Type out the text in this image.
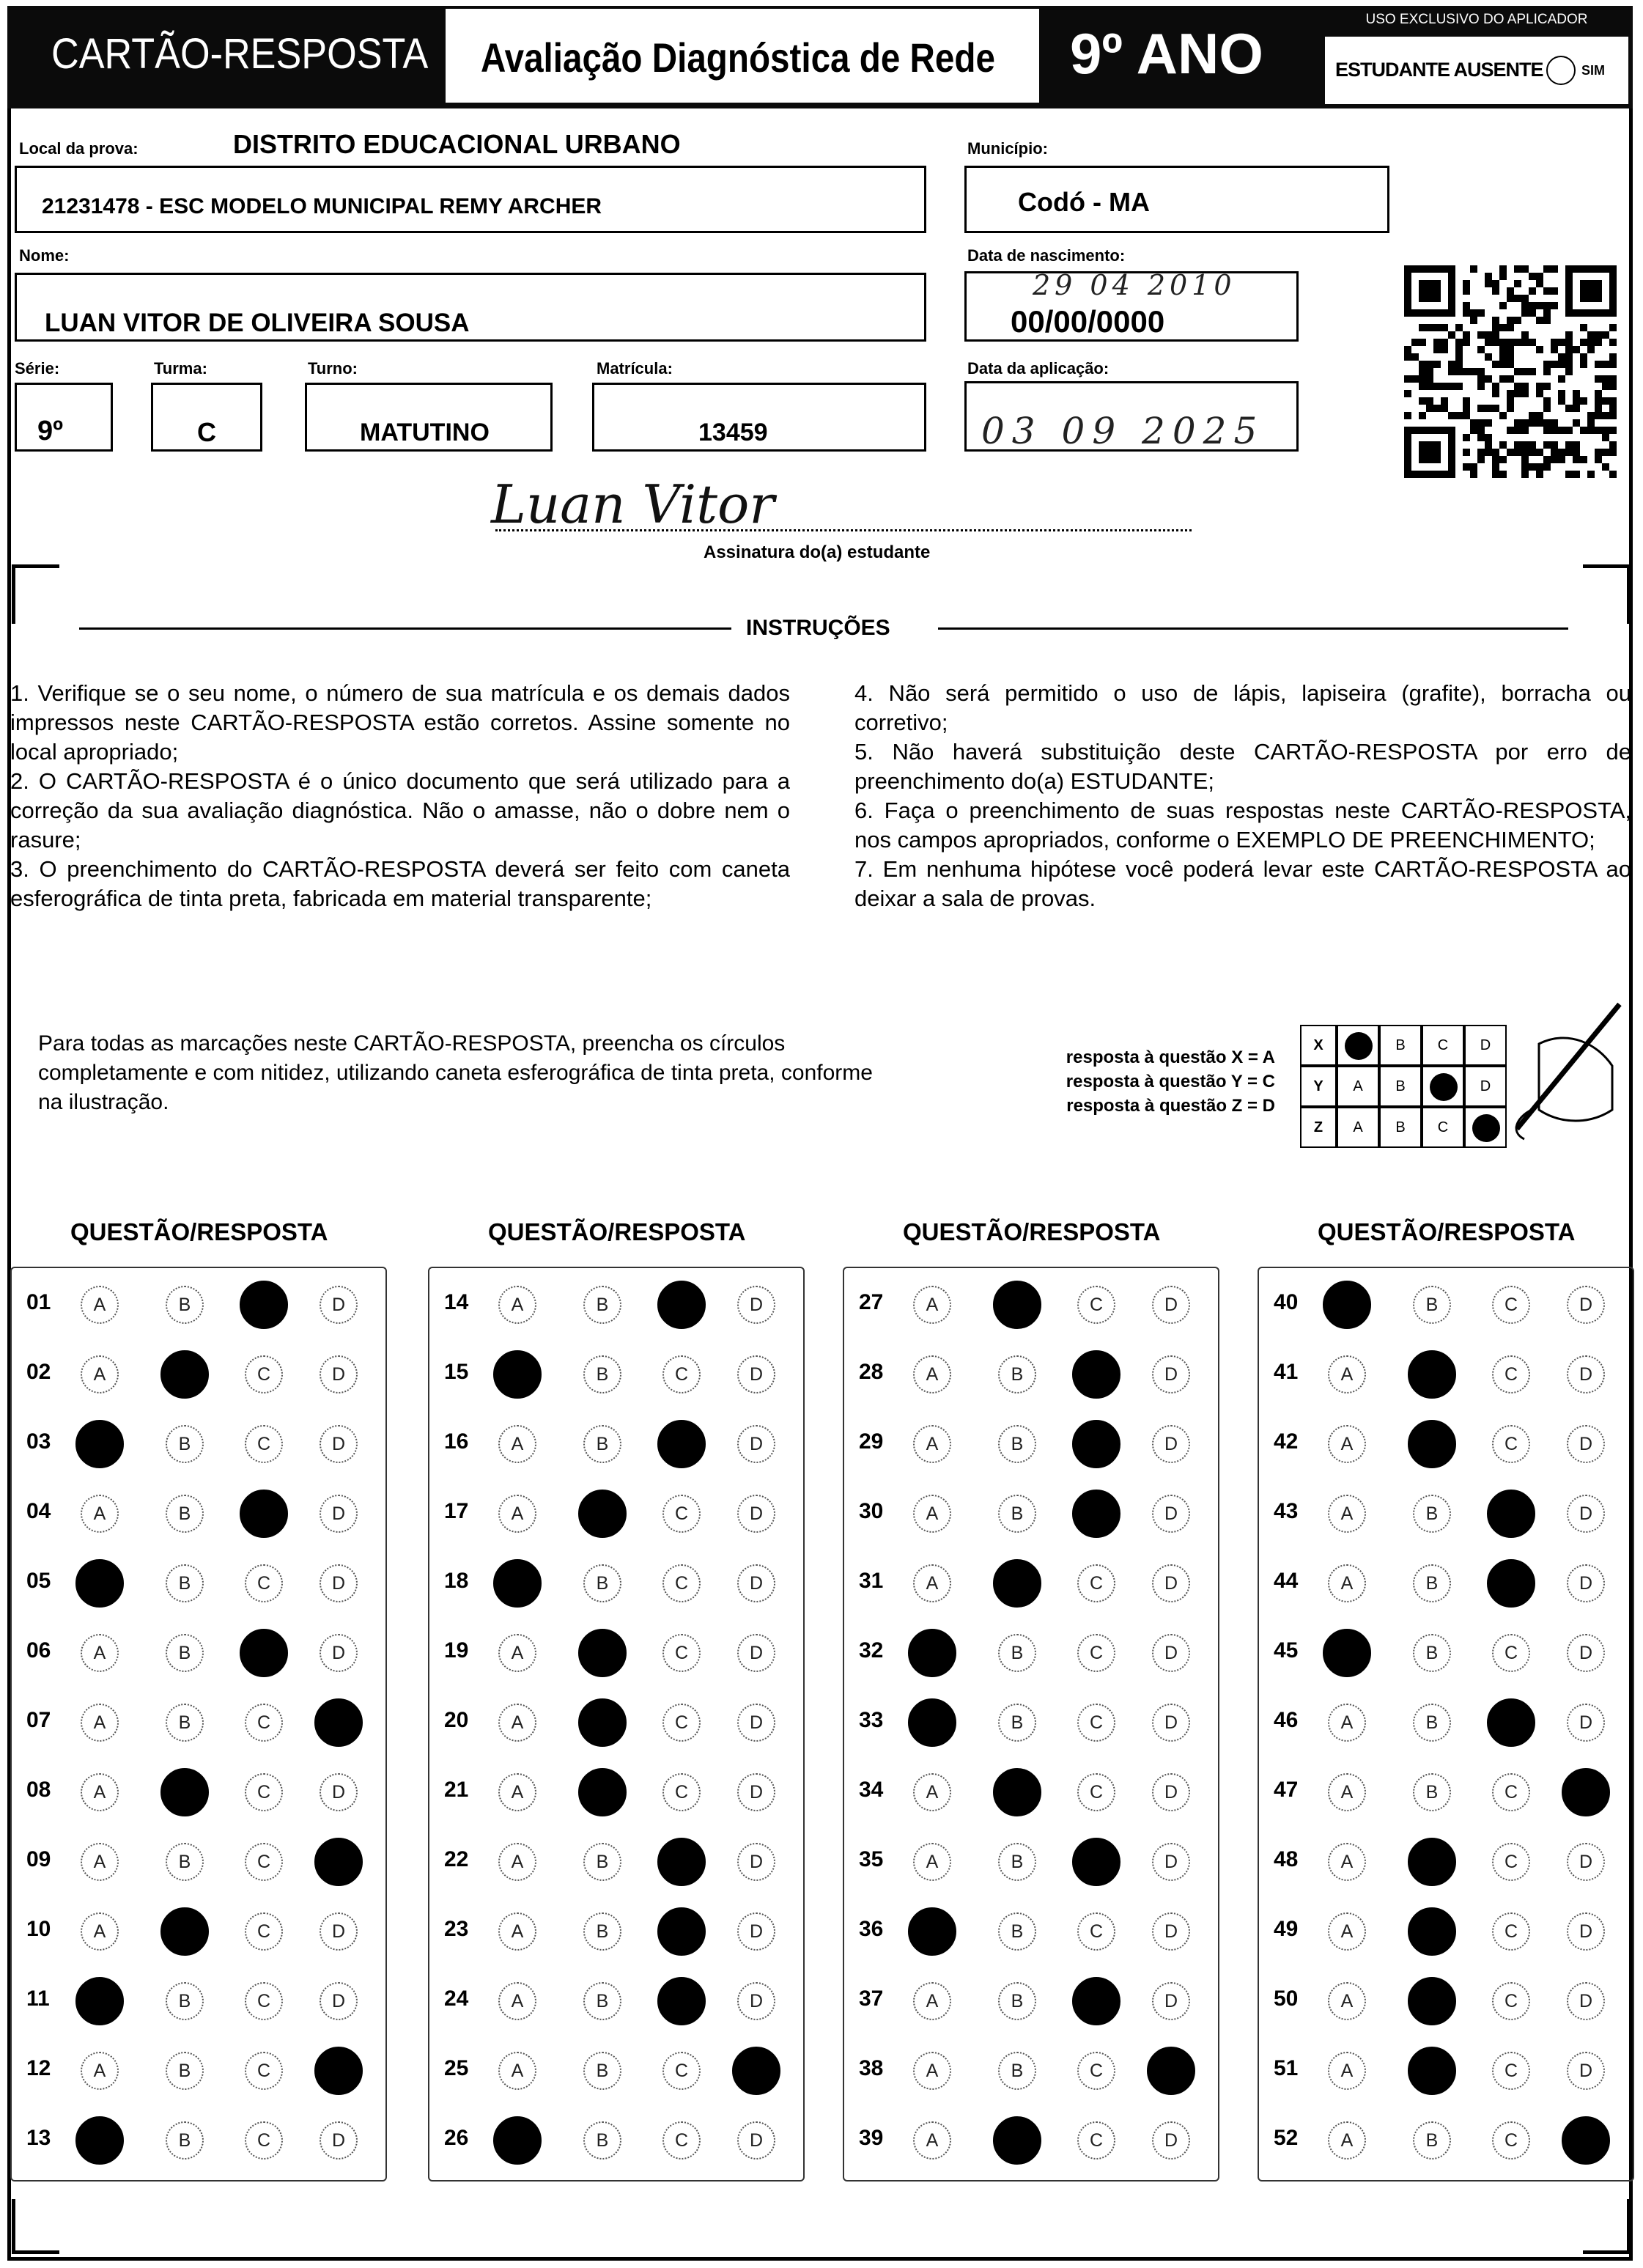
CARTÃO-RESPOSTA Avaliação Diagnóstica de Rede 9º ANO
USO EXCLUSIVO DO APLICADOR
ESTUDANTE AUSENTE	SIM
Local da prova:	DISTRITO EDUCACIONAL URBANO
21231478 - ESC MODELO MUNICIPAL REMY ARCHER
Município:
Codó - MA
Nome:
LUAN VITOR DE OLIVEIRA SOUSA
Data de nascimento:
29 04 2010
00/00/0000
Série:
9º
Turma:
C
Turno:
MATUTINO
Matrícula:
13459
Data da aplicação:
03 09 2025
Luan Vitor
Assinatura do(a) estudante
INSTRUÇÕES

1. Verifique se o seu nome, o número de sua matrícula e os demais dados impressos neste CARTÃO-RESPOSTA estão corretos. Assine somente no local apropriado;

2. O CARTÃO-RESPOSTA é o único documento que será utilizado para a correção da sua avaliação diagnóstica. Não o amasse, não o dobre nem o rasure;

3. O preenchimento do CARTÃO-RESPOSTA deverá ser feito com caneta esferográfica de tinta preta, fabricada em material transparente;

4. Não será permitido o uso de lápis, lapiseira (grafite), borracha ou corretivo;

5. Não haverá substituição deste CARTÃO-RESPOSTA por erro de preenchimento do(a) ESTUDANTE;

6. Faça o preenchimento de suas respostas neste CARTÃO-RESPOSTA, nos campos apropriados, conforme o EXEMPLO DE PREENCHIMENTO;

7. Em nenhuma hipótese você poderá levar este CARTÃO-RESPOSTA ao deixar a sala de provas.

Para todas as marcações neste CARTÃO-RESPOSTA, preencha os círculos completamente e com nitidez, utilizando caneta esferográfica de tinta preta, conforme na ilustração.
resposta à questão X = A
resposta à questão Y = C
resposta à questão Z = D
X	B	C	D
Y	A	B	D
Z	A	B	C
QUESTÃO/RESPOSTA
01	A	B	C	D
02	A	B	C	D
03	A	B	C	D
04	A	B	C	D
05	A	B	C	D
06	A	B	C	D
07	A	B	C	D
08	A	B	C	D
09	A	B	C	D
10	A	B	C	D
11	A	B	C	D
12	A	B	C	D
13	A	B	C	D
QUESTÃO/RESPOSTA
14	A	B	C	D
15	A	B	C	D
16	A	B	C	D
17	A	B	C	D
18	A	B	C	D
19	A	B	C	D
20	A	B	C	D
21	A	B	C	D
22	A	B	C	D
23	A	B	C	D
24	A	B	C	D
25	A	B	C	D
26	A	B	C	D
QUESTÃO/RESPOSTA
27	A	B	C	D
28	A	B	C	D
29	A	B	C	D
30	A	B	C	D
31	A	B	C	D
32	A	B	C	D
33	A	B	C	D
34	A	B	C	D
35	A	B	C	D
36	A	B	C	D
37	A	B	C	D
38	A	B	C	D
39	A	B	C	D
QUESTÃO/RESPOSTA
40	A	B	C	D
41	A	B	C	D
42	A	B	C	D
43	A	B	C	D
44	A	B	C	D
45	A	B	C	D
46	A	B	C	D
47	A	B	C	D
48	A	B	C	D
49	A	B	C	D
50	A	B	C	D
51	A	B	C	D
52	A	B	C	D
